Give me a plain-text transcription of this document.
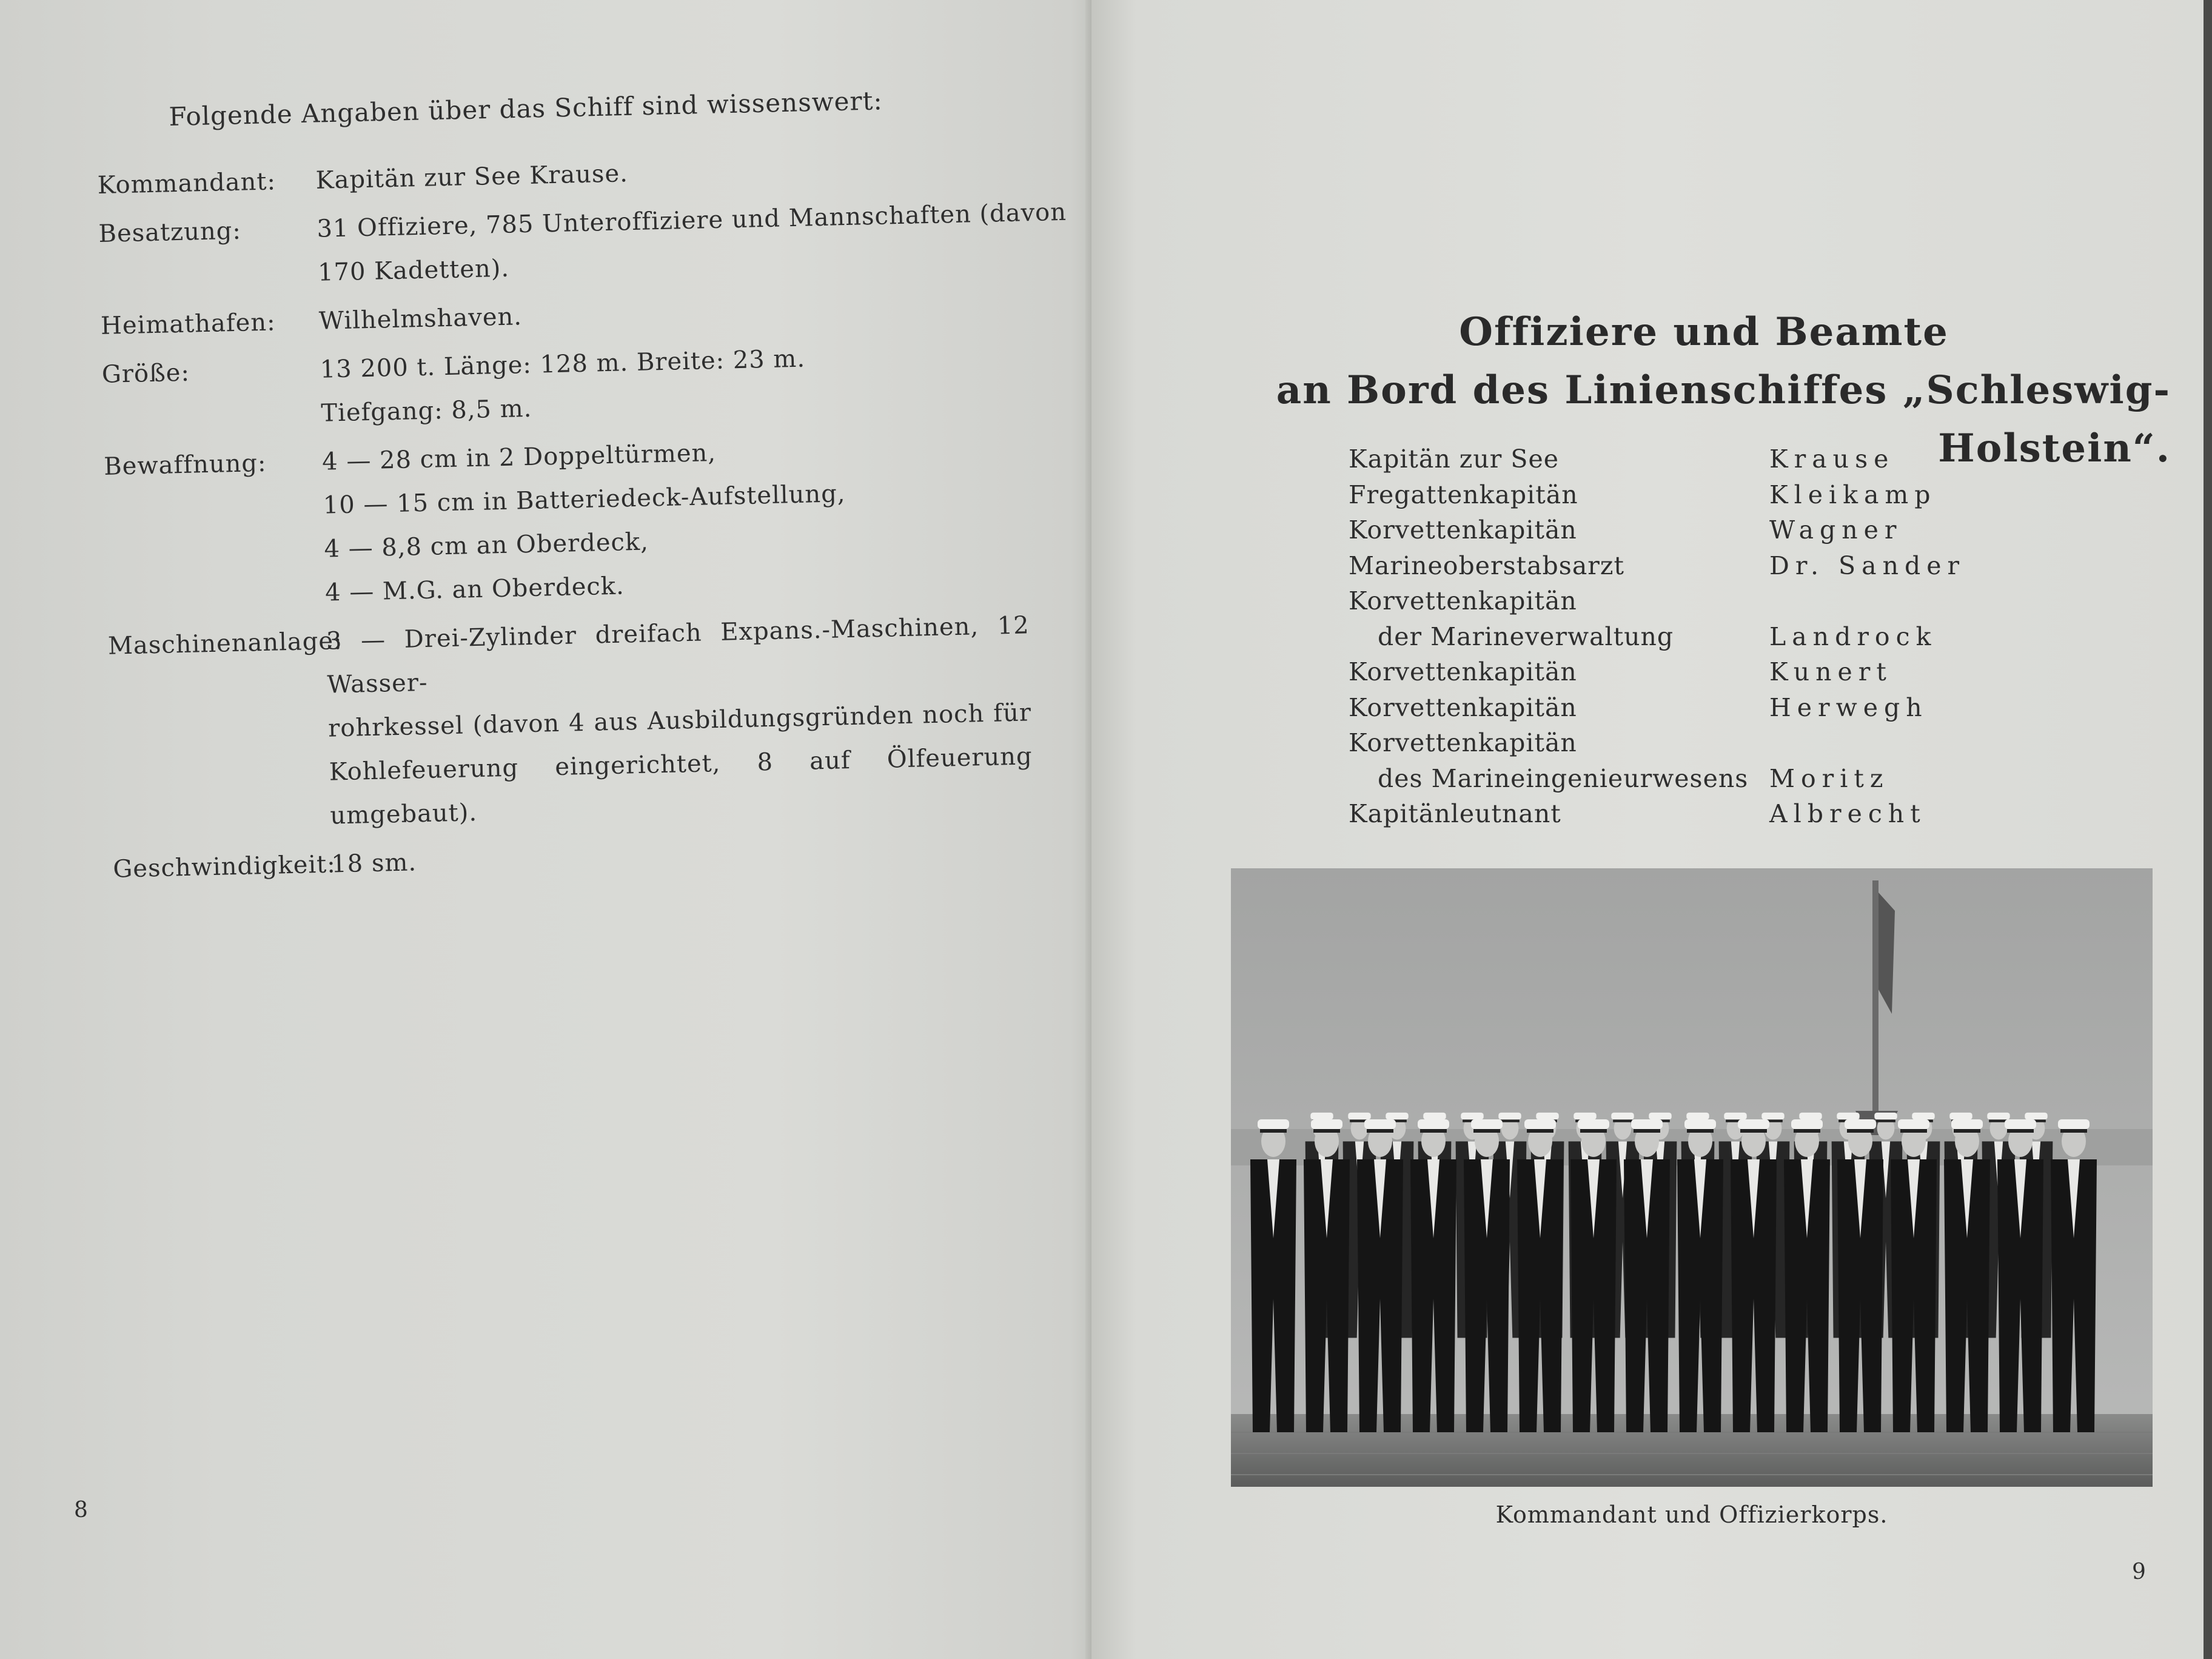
Folgende Angaben über das Schiff sind wissenswert:
Kommandant:	Kapitän zur See Krause.
Besatzung:	31 Offiziere, 785 Unteroffiziere und Mannschaften (davon
170 Kadetten).
Heimathafen:	Wilhelmshaven.
Größe:	13 200 t. Länge: 128 m. Breite: 23 m.
Tiefgang: 8,5 m.
Bewaffnung:	4 — 28 cm in 2 Doppeltürmen,
10 — 15 cm in Batteriedeck-Aufstellung,
4 — 8,8 cm an Oberdeck,
4 — M.G. an Oberdeck.
Maschinenanlage:
3 — Drei-Zylinder dreifach Expans.-Maschinen, 12 Wasser-
rohrkessel (davon 4 aus Ausbildungsgründen noch für
Kohlefeuerung eingerichtet, 8 auf Ölfeuerung umgebaut).
Geschwindigkeit:
18 sm.
8
Offiziere und Beamte
an Bord des Linienschiffes „Schleswig-Holstein“.
Kapitän zur See	Krause
Fregattenkapitän	Kleikamp
Korvettenkapitän	Wagner
Marineoberstabsarzt	Dr. Sander
Korvettenkapitän
der Marineverwaltung	Landrock
Korvettenkapitän	Kunert
Korvettenkapitän	Herwegh
Korvettenkapitän
des Marineingenieurwesens Moritz
Kapitänleutnant	Albrecht
Kommandant und Offizierkorps.
9
